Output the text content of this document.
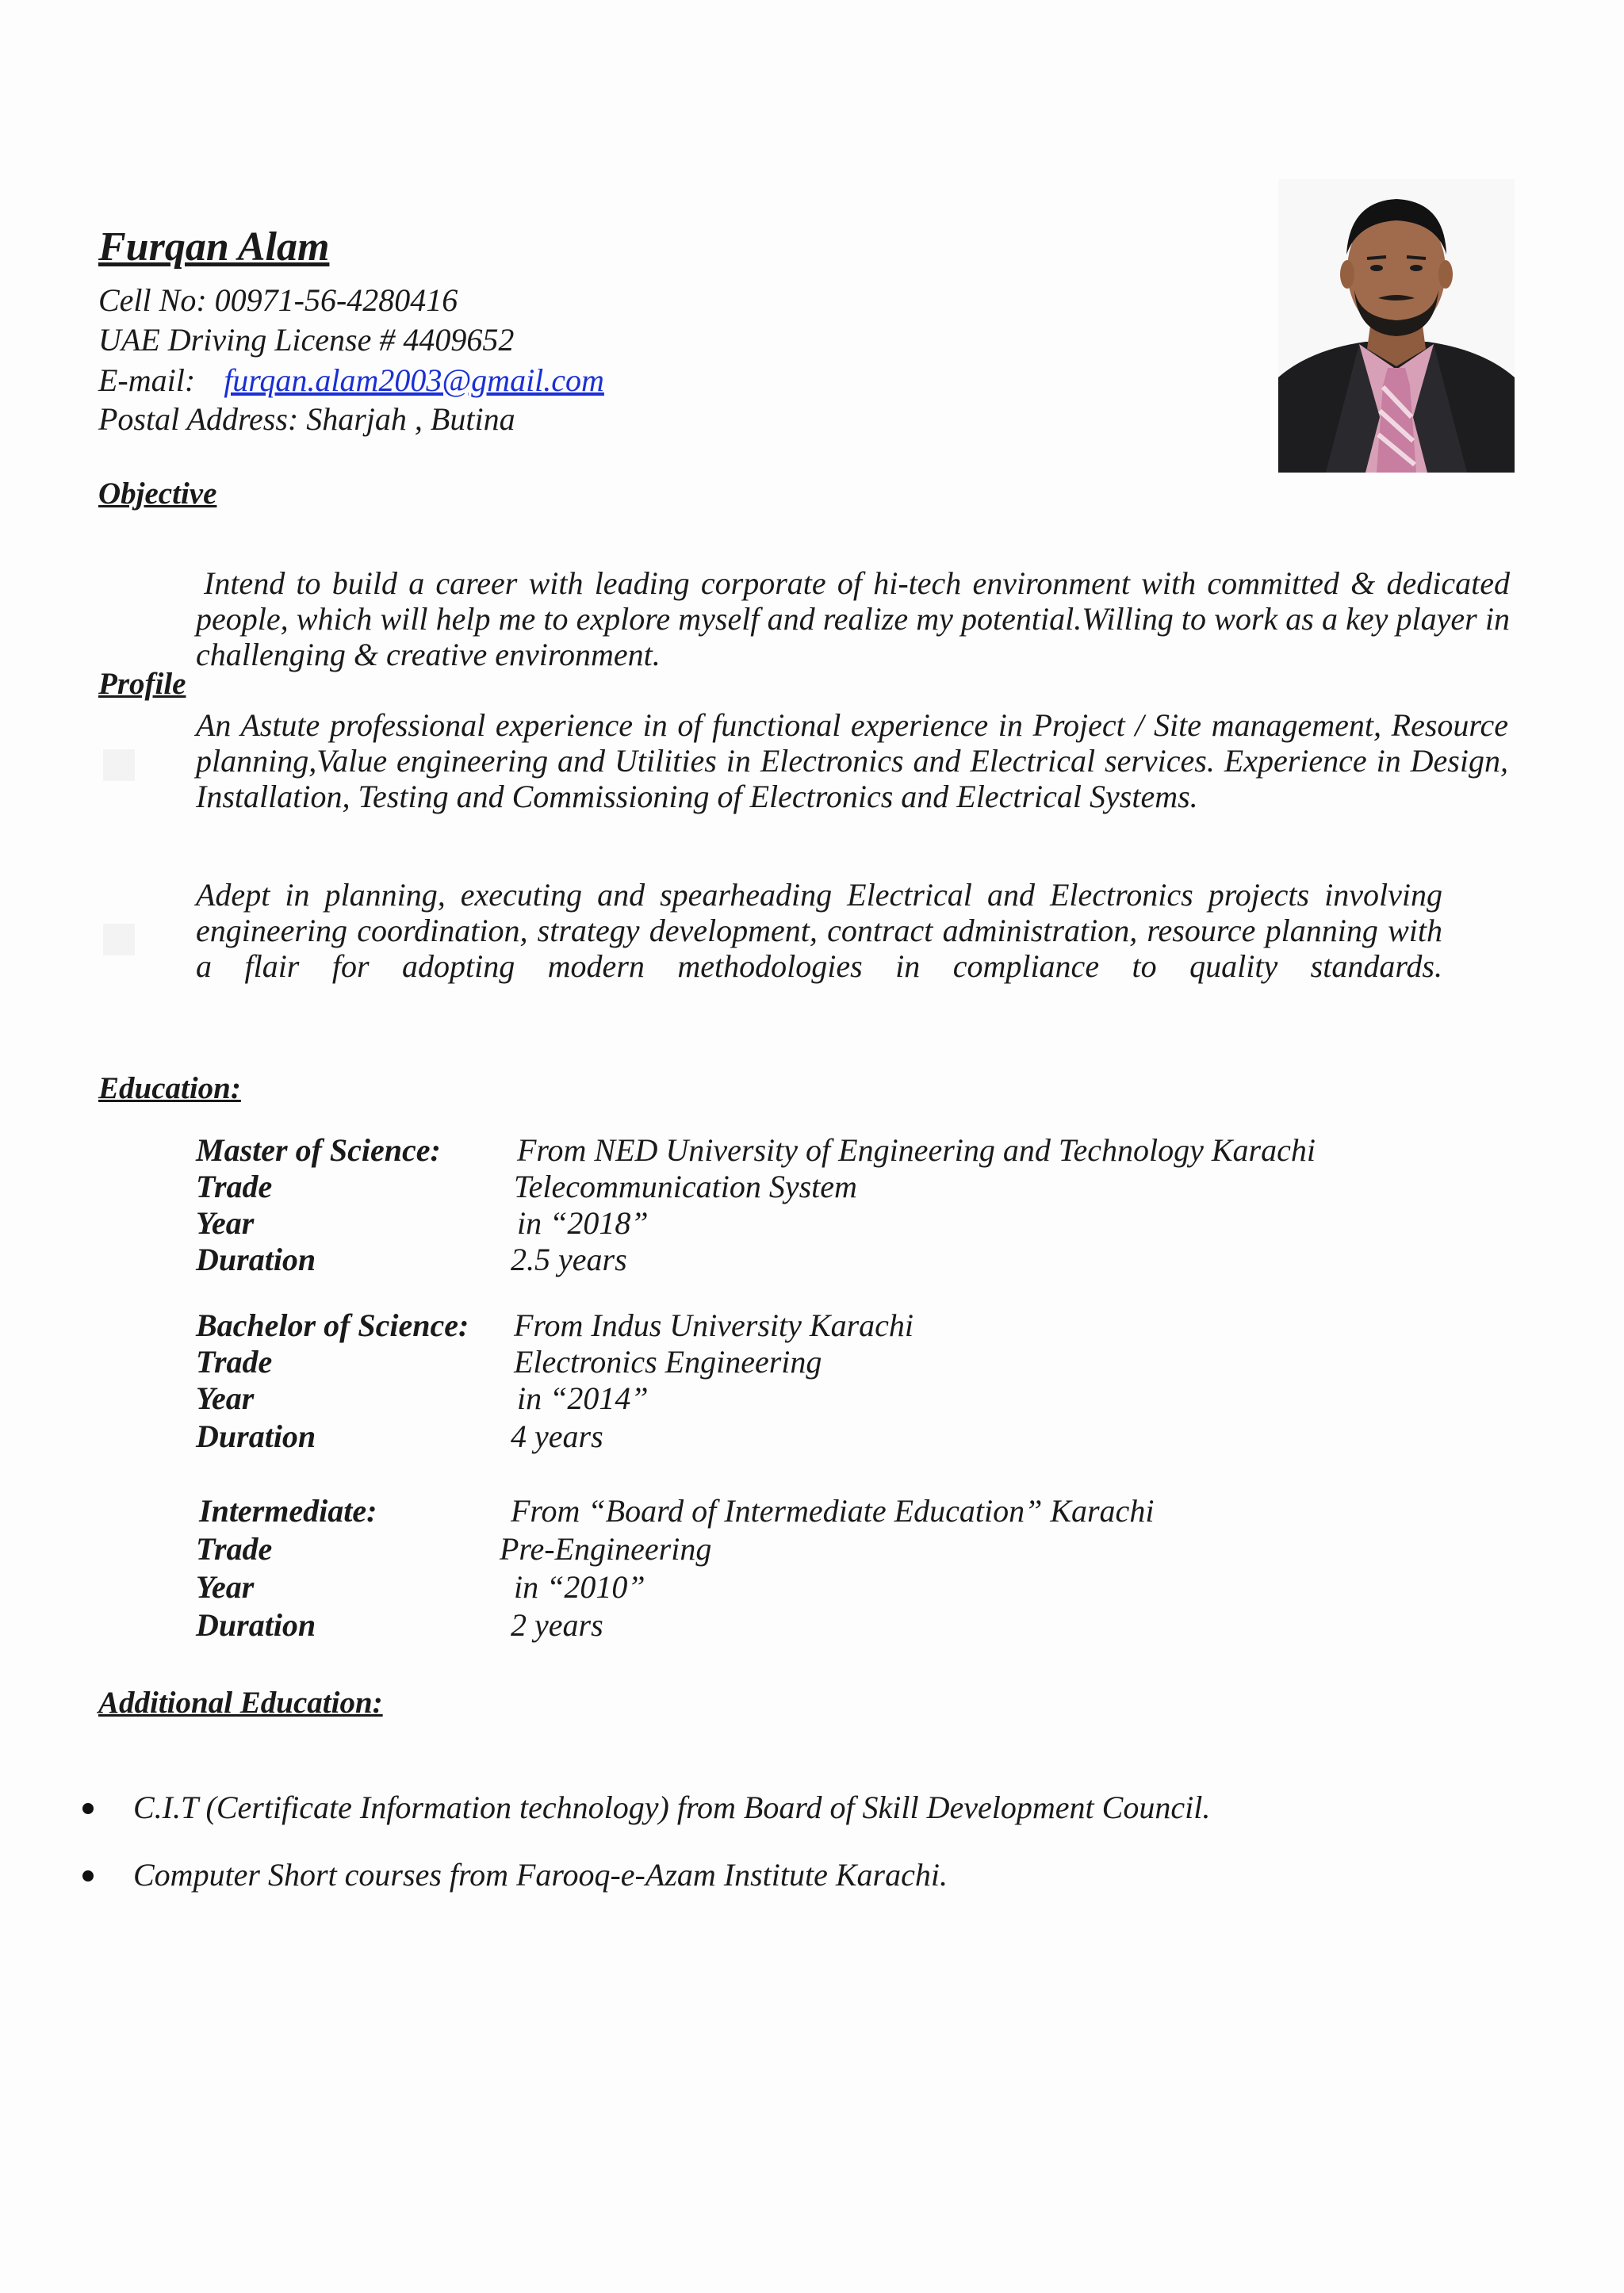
Furqan Alam
Cell No: 00971-56-4280416
UAE Driving License # 4409652
E-mail: furqan.alam2003@gmail.com
Postal Address: Sharjah , Butina
Objective
Intend to build a career with leading corporate of hi-tech environment with committed & dedicated people, which will help me to explore myself and realize my potential.Willing to work as a key player in challenging & creative environment.
Profile
An Astute professional experience in of functional experience in Project / Site management, Resource planning,Value engineering and Utilities in Electronics and Electrical services. Experience in Design, Installation, Testing and Commissioning of Electronics and Electrical Systems.
Adept in planning, executing and spearheading Electrical and Electronics projects involving engineering coordination, strategy development, contract administration, resource planning with a flair for adopting modern methodologies in compliance to quality standards.
Education:
Master of Science: From NED University of Engineering and Technology Karachi
Trade	Telecommunication System
Year	in “2018”
Duration	2.5 years
Bachelor of Science: From Indus University Karachi
Trade	Electronics Engineering
Year	in “2014”
Duration	4 years
Intermediate:	From “Board of Intermediate Education” Karachi
Trade	Pre-Engineering
Year	in “2010”
Duration	2 years
Additional Education:
C.I.T (Certificate Information technology) from Board of Skill Development Council.
Computer Short courses from Farooq-e-Azam Institute Karachi.
